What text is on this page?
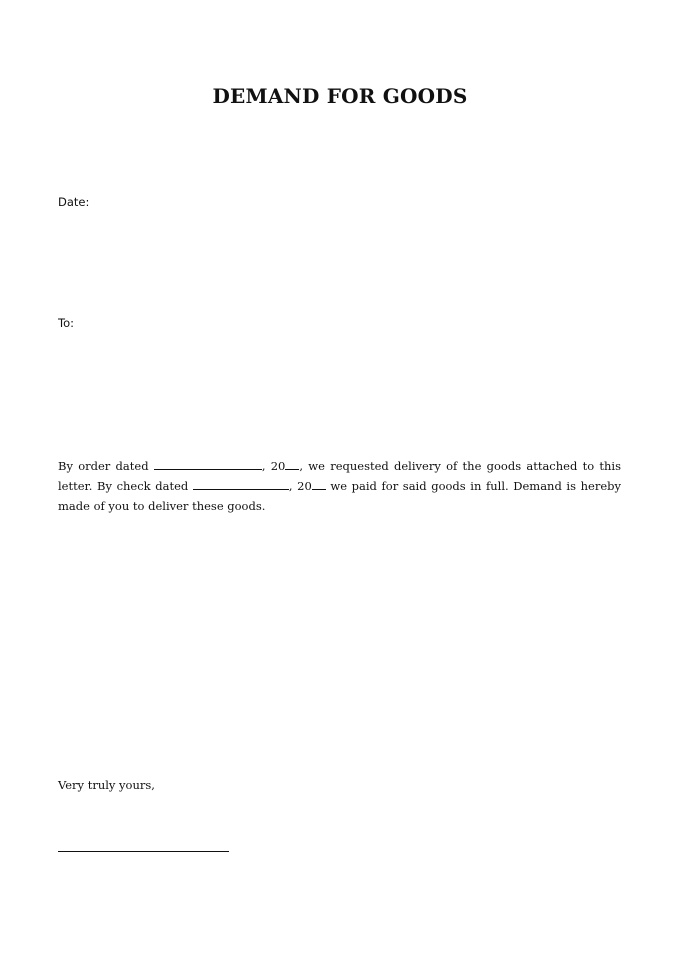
DEMAND FOR GOODS
Date:
To:
By order dated	, 20 , we requested delivery of the goods attached to this letter. By check dated	, 20 we paid for said goods in full. Demand is hereby made of you to deliver these goods.
Very truly yours,
